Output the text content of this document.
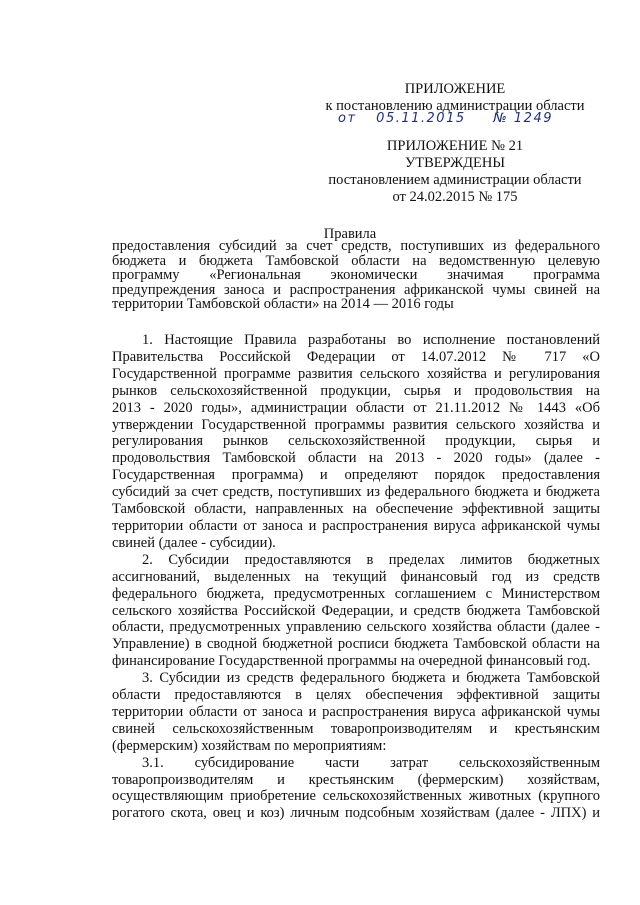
ПРИЛОЖЕНИЕ
к постановлению администрации области
от 05.11.2015 № 1249
ПРИЛОЖЕНИЕ № 21
УТВЕРЖДЕНЫ
постановлением администрации области
от 24.02.2015 № 175
Правила
предоставления субсидий за счет средств, поступивших из федерального
бюджета и бюджета Тамбовской области на ведомственную целевую
программу «Региональная экономически значимая программа
предупреждения заноса и распространения африканской чумы свиней на
территории Тамбовской области» на 2014 — 2016 годы
1. Настоящие Правила разработаны во исполнение постановлений
Правительства Российской Федерации от 14.07.2012 № 717 «О
Государственной программе развития сельского хозяйства и регулирования
рынков сельскохозяйственной продукции, сырья и продовольствия на
2013 - 2020 годы», администрации области от 21.11.2012 № 1443 «Об
утверждении Государственной программы развития сельского хозяйства и
регулирования рынков сельскохозяйственной продукции, сырья и
продовольствия Тамбовской области на 2013 - 2020 годы» (далее -
Государственная программа) и определяют порядок предоставления
субсидий за счет средств, поступивших из федерального бюджета и бюджета
Тамбовской области, направленных на обеспечение эффективной защиты
территории области от заноса и распространения вируса африканской чумы
свиней (далее - субсидии).
2. Субсидии предоставляются в пределах лимитов бюджетных
ассигнований, выделенных на текущий финансовый год из средств
федерального бюджета, предусмотренных соглашением с Министерством
сельского хозяйства Российской Федерации, и средств бюджета Тамбовской
области, предусмотренных управлению сельского хозяйства области (далее -
Управление) в сводной бюджетной росписи бюджета Тамбовской области на
финансирование Государственной программы на очередной финансовый год.
3. Субсидии из средств федерального бюджета и бюджета Тамбовской
области предоставляются в целях обеспечения эффективной защиты
территории области от заноса и распространения вируса африканской чумы
свиней сельскохозяйственным товаропроизводителям и крестьянским
(фермерским) хозяйствам по мероприятиям:
3.1. субсидирование части затрат сельскохозяйственным
товаропроизводителям и крестьянским (фермерским) хозяйствам,
осуществляющим приобретение сельскохозяйственных животных (крупного
рогатого скота, овец и коз) личным подсобным хозяйствам (далее - ЛПХ) и
